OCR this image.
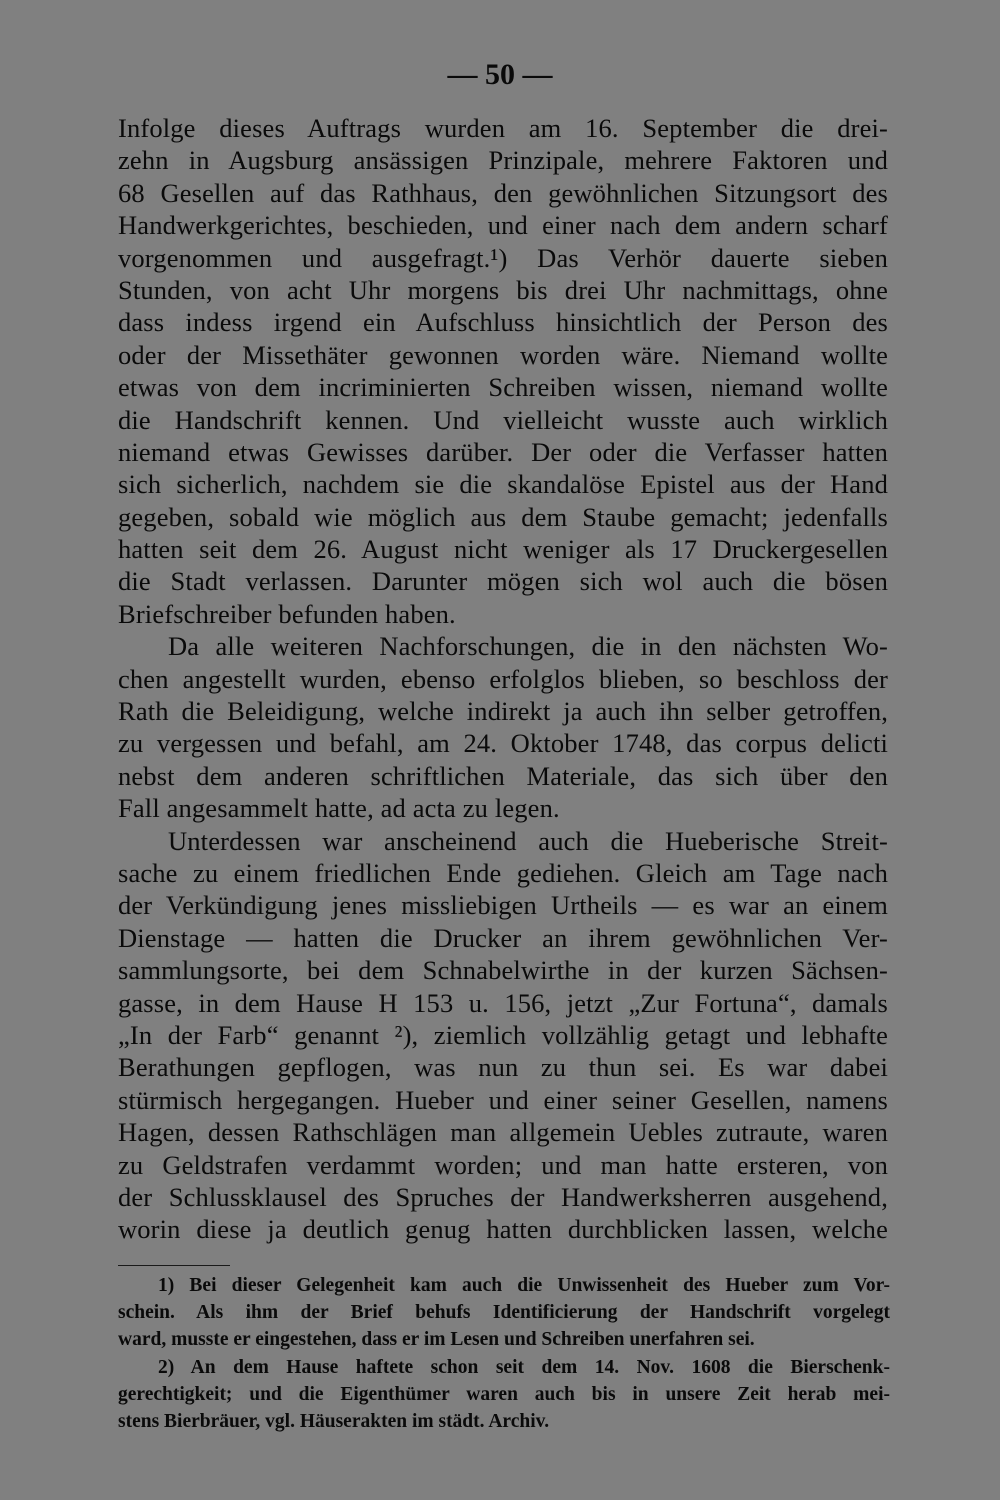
— 50 —
Infolge dieses Auftrags wurden am 16. September die drei-
zehn in Augsburg ansässigen Prinzipale, mehrere Faktoren und
68 Gesellen auf das Rathhaus, den gewöhnlichen Sitzungsort des
Handwerkgerichtes, beschieden, und einer nach dem andern scharf
vorgenommen und ausgefragt.¹) Das Verhör dauerte sieben
Stunden, von acht Uhr morgens bis drei Uhr nachmittags, ohne
dass indess irgend ein Aufschluss hinsichtlich der Person des
oder der Missethäter gewonnen worden wäre. Niemand wollte
etwas von dem incriminierten Schreiben wissen, niemand wollte
die Handschrift kennen. Und vielleicht wusste auch wirklich
niemand etwas Gewisses darüber. Der oder die Verfasser hatten
sich sicherlich, nachdem sie die skandalöse Epistel aus der Hand
gegeben, sobald wie möglich aus dem Staube gemacht; jedenfalls
hatten seit dem 26. August nicht weniger als 17 Druckergesellen
die Stadt verlassen. Darunter mögen sich wol auch die bösen
Briefschreiber befunden haben.
Da alle weiteren Nachforschungen, die in den nächsten Wo-
chen angestellt wurden, ebenso erfolglos blieben, so beschloss der
Rath die Beleidigung, welche indirekt ja auch ihn selber getroffen,
zu vergessen und befahl, am 24. Oktober 1748, das corpus delicti
nebst dem anderen schriftlichen Materiale, das sich über den
Fall angesammelt hatte, ad acta zu legen.
Unterdessen war anscheinend auch die Hueberische Streit-
sache zu einem friedlichen Ende gediehen. Gleich am Tage nach
der Verkündigung jenes missliebigen Urtheils — es war an einem
Dienstage — hatten die Drucker an ihrem gewöhnlichen Ver-
sammlungsorte, bei dem Schnabelwirthe in der kurzen Sächsen-
gasse, in dem Hause H 153 u. 156, jetzt „Zur Fortuna“, damals
„In der Farb“ genannt ²), ziemlich vollzählig getagt und lebhafte
Berathungen gepflogen, was nun zu thun sei. Es war dabei
stürmisch hergegangen. Hueber und einer seiner Gesellen, namens
Hagen, dessen Rathschlägen man allgemein Uebles zutraute, waren
zu Geldstrafen verdammt worden; und man hatte ersteren, von
der Schlussklausel des Spruches der Handwerksherren ausgehend,
worin diese ja deutlich genug hatten durchblicken lassen, welche
1) Bei dieser Gelegenheit kam auch die Unwissenheit des Hueber zum Vor-
schein. Als ihm der Brief behufs Identificierung der Handschrift vorgelegt
ward, musste er eingestehen, dass er im Lesen und Schreiben unerfahren sei.
2) An dem Hause haftete schon seit dem 14. Nov. 1608 die Bierschenk-
gerechtigkeit; und die Eigenthümer waren auch bis in unsere Zeit herab mei-
stens Bierbräuer, vgl. Häuserakten im städt. Archiv.
